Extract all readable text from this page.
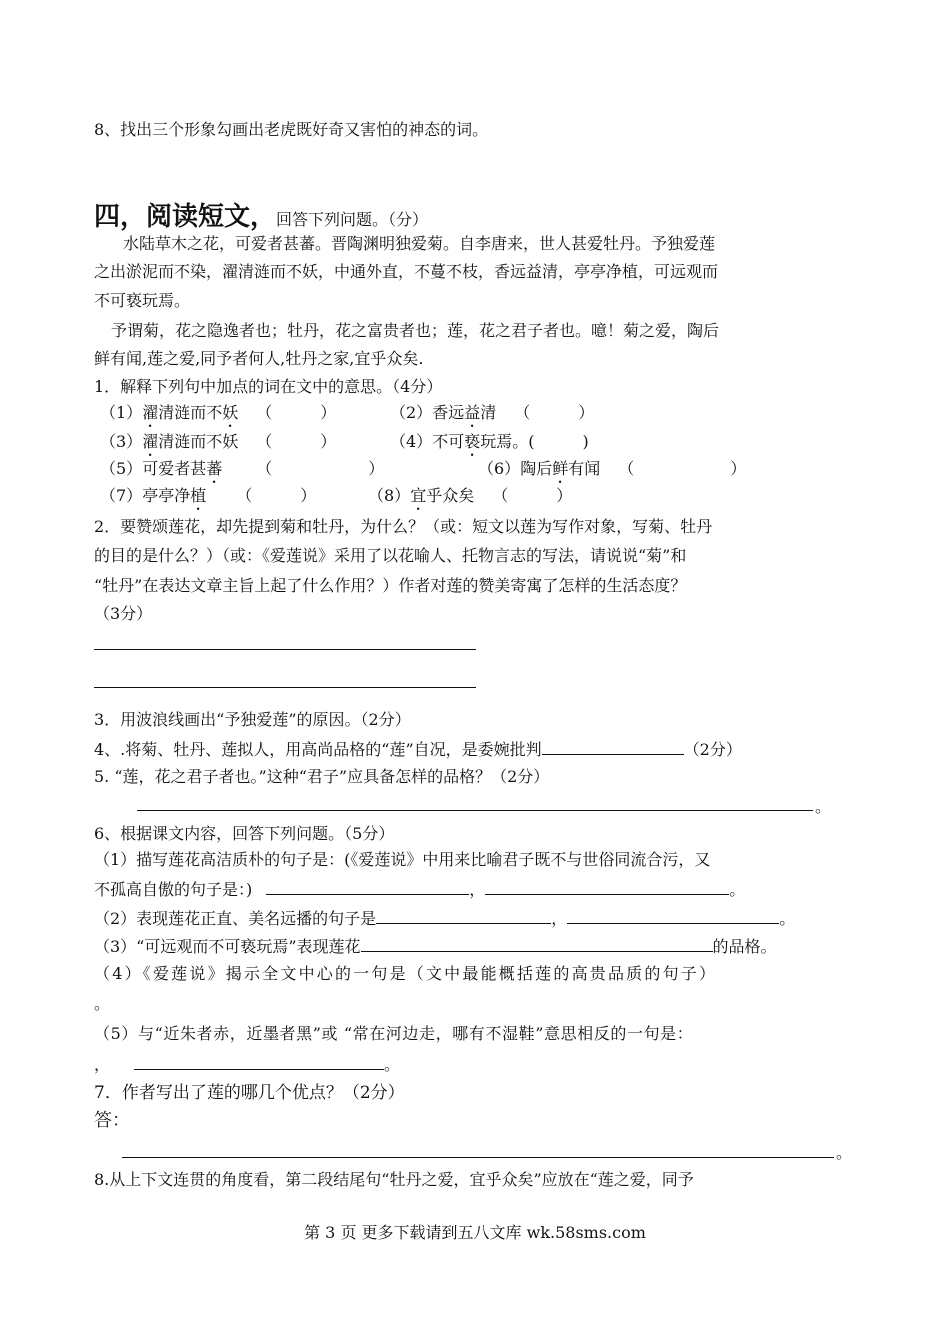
8、找出三个形象勾画出老虎既好奇又害怕的神态的词。
四，阅读短文，回答下列问题。（分）
水陆草木之花，可爱者甚蕃。晋陶渊明独爱菊。自李唐来，世人甚爱牡丹。予独爱莲
之出淤泥而不染，濯清涟而不妖，中通外直，不蔓不枝，香远益清，亭亭净植，可远观而
不可亵玩焉。
予谓菊，花之隐逸者也；牡丹，花之富贵者也；莲，花之君子者也。噫！菊之爱，陶后
鲜有闻,莲之爱,同予者何人,牡丹之家,宜乎众矣.
1．解释下列句中加点的词在文中的意思。（4分）
（1）濯清涟而不妖 （　　　）	（2）香远益清 （　　　）
（3）濯清涟而不妖 （　　　）	（4）不可亵玩焉。(　　　)
（5）可爱者甚蕃 （　　　　　　）	（6）陶后鲜有闻 （　　　　　　）
（7）亭亭净植 （　　　）	（8）宜乎众矣 （　　　）
2．要赞颂莲花，却先提到菊和牡丹，为什么？（或：短文以莲为写作对象，写菊、牡丹
的目的是什么？）（或：《爱莲说》采用了以花喻人、托物言志的写法，请说说“菊”和
“牡丹”在表达文章主旨上起了什么作用？）作者对莲的赞美寄寓了怎样的生活态度？
（3分）
3．用波浪线画出“予独爱莲”的原因。（2分）
4、.将菊、牡丹、莲拟人，用高尚品格的“莲”自况，是委婉批判	（2分）
5. “莲，花之君子者也。”这种“君子”应具备怎样的品格？（2分）
。
6、根据课文内容，回答下列问题。（5分）
（1）描写莲花高洁质朴的句子是：(《爱莲说》中用来比喻君子既不与世俗同流合污，又
不孤高自傲的句子是：)	，	。
（2）表现莲花正直、美名远播的句子是	，	。
（3）“可远观而不可亵玩焉”表现莲花	的品格。
（4）《爱莲说》揭示全文中心的一句是（文中最能概括莲的高贵品质的句子）
。
（5）与“近朱者赤，近墨者黑”或 “常在河边走，哪有不湿鞋”意思相反的一句是：
，	。
7．作者写出了莲的哪几个优点？（2分）
答：
。
8.从上下文连贯的角度看，第二段结尾句“牡丹之爱，宜乎众矣”应放在“莲之爱，同予
第 3 页 更多下载请到五八文库 wk.58sms.com
